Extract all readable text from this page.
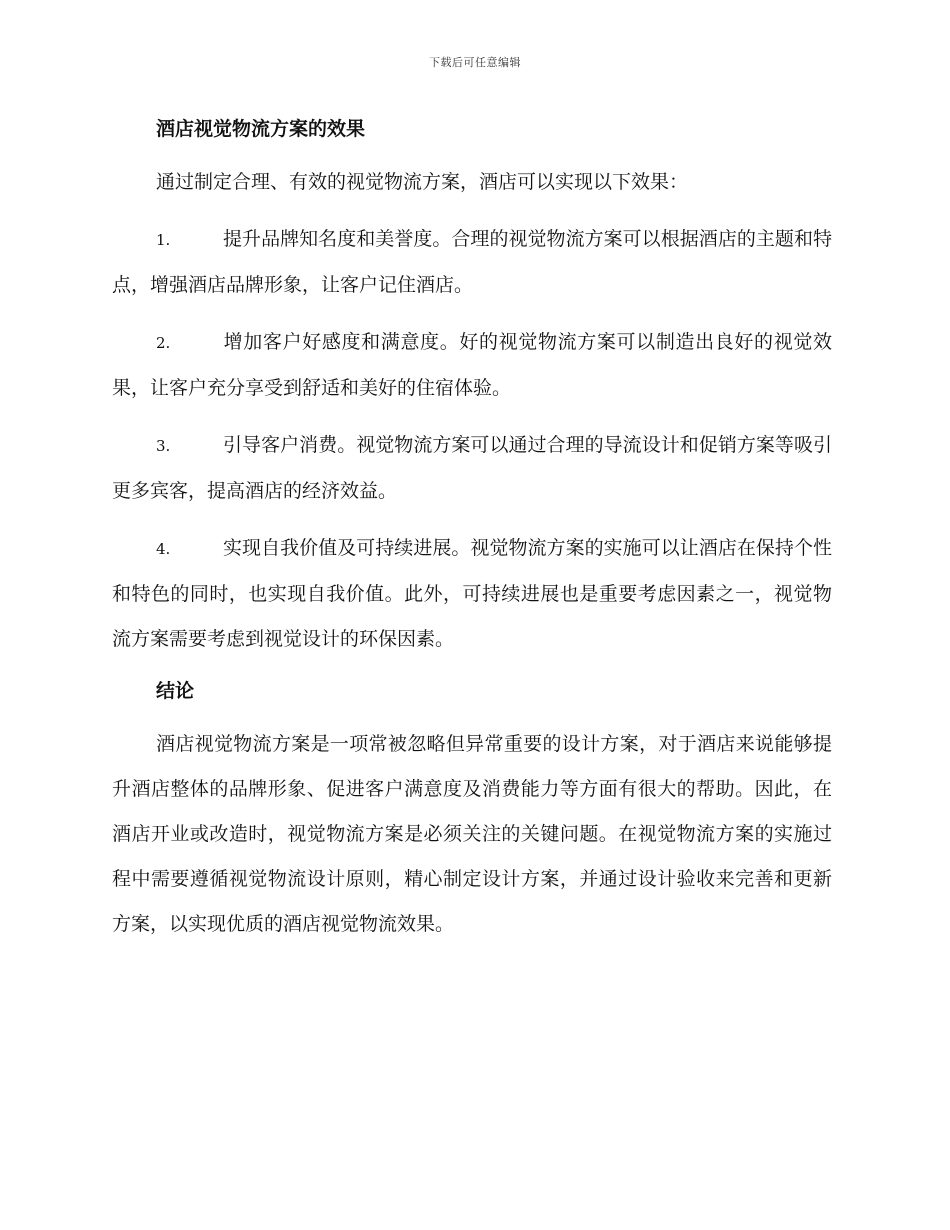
下载后可任意编辑
酒店视觉物流方案的效果

通过制定合理、有效的视觉物流方案，酒店可以实现以下效果：

1.	提升品牌知名度和美誉度。合理的视觉物流方案可以根据酒店的主题和特点，增强酒店品牌形象，让客户记住酒店。

2.	增加客户好感度和满意度。好的视觉物流方案可以制造出良好的视觉效果，让客户充分享受到舒适和美好的住宿体验。

3.	引导客户消费。视觉物流方案可以通过合理的导流设计和促销方案等吸引更多宾客，提高酒店的经济效益。

4.	实现自我价值及可持续进展。视觉物流方案的实施可以让酒店在保持个性和特色的同时，也实现自我价值。此外，可持续进展也是重要考虑因素之一，视觉物流方案需要考虑到视觉设计的环保因素。

结论

酒店视觉物流方案是一项常被忽略但异常重要的设计方案，对于酒店来说能够提升酒店整体的品牌形象、促进客户满意度及消费能力等方面有很大的帮助。因此，在酒店开业或改造时，视觉物流方案是必须关注的关键问题。在视觉物流方案的实施过程中需要遵循视觉物流设计原则，精心制定设计方案，并通过设计验收来完善和更新方案，以实现优质的酒店视觉物流效果。
